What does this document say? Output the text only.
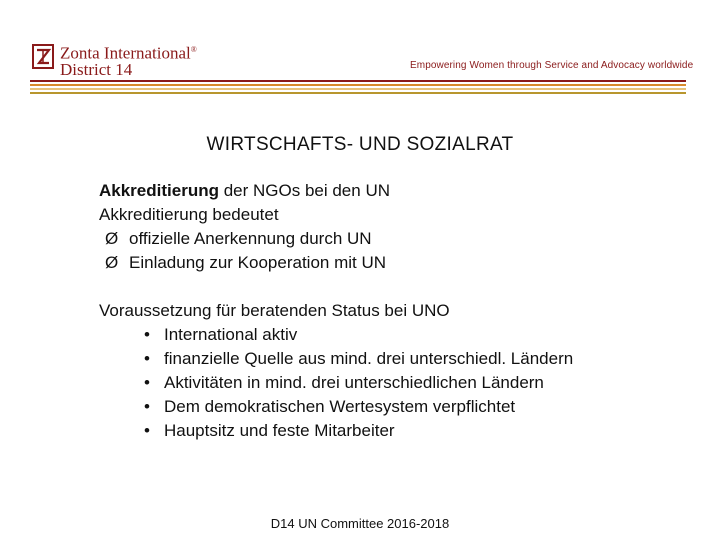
Zonta International®
District 14	Empowering Women through Service and Advocacy worldwide
WIRTSCHAFTS- UND SOZIALRAT
Akkreditierung der NGOs bei den UN
Akkreditierung bedeutet
Ø offizielle Anerkennung durch UN
Ø Einladung zur Kooperation mit UN
Voraussetzung für beratenden Status bei UNO
• International aktiv
• finanzielle Quelle aus mind. drei unterschiedl. Ländern
• Aktivitäten in mind. drei unterschiedlichen Ländern
• Dem demokratischen Wertesystem verpflichtet
• Hauptsitz und feste Mitarbeiter
D14 UN Committee 2016-2018
